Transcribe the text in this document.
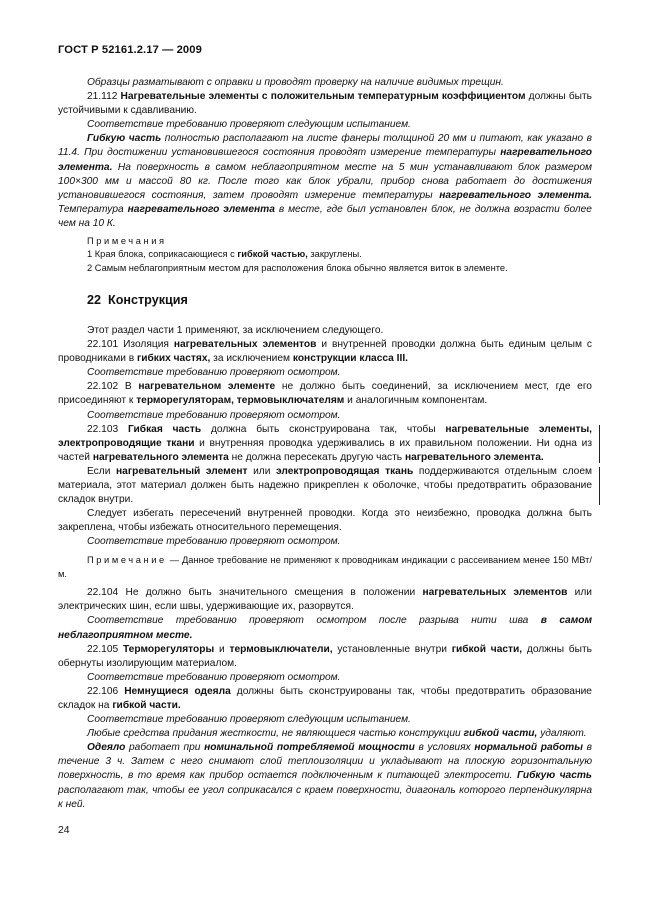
ГОСТ Р 52161.2.17 — 2009

Образцы разматывают с оправки и проводят проверку на наличие видимых трещин.

21.112 Нагревательные элементы с положительным температурным коэффициентом должны быть устойчивыми к сдавливанию.

Соответствие требованию проверяют следующим испытанием.

Гибкую часть полностью располагают на листе фанеры толщиной 20 мм и питают, как указано в 11.4. При достижении установившегося состояния проводят измерение температуры нагревательного элемента. На поверхность в самом неблагоприятном месте на 5 мин устанавливают блок размером 100×300 мм и массой 80 кг. После того как блок убрали, прибор снова работает до достижения установившегося состояния, затем проводят измерение температуры нагревательного элемента. Температура нагревательного элемента в месте, где был установлен блок, не должна возрасти более чем на 10 К.

Примечания

1 Края блока, соприкасающиеся с гибкой частью, закруглены.

2 Самым неблагоприятным местом для расположения блока обычно является виток в элементе.

22 Конструкция

Этот раздел части 1 применяют, за исключением следующего.

22.101 Изоляция нагревательных элементов и внутренней проводки должна быть единым целым с проводниками в гибких частях, за исключением конструкции класса III.

Соответствие требованию проверяют осмотром.

22.102 В нагревательном элементе не должно быть соединений, за исключением мест, где его присоединяют к терморегуляторам, термовыключателям и аналогичным компонентам.

Соответствие требованию проверяют осмотром.

22.103 Гибкая часть должна быть сконструирована так, чтобы нагревательные элементы, электропроводящие ткани и внутренняя проводка удерживались в их правильном положении. Ни одна из частей нагревательного элемента не должна пересекать другую часть нагревательного элемента.

Если нагревательный элемент или электропроводящая ткань поддерживаются отдельным слоем материала, этот материал должен быть надежно прикреплен к оболочке, чтобы предотвратить образование складок внутри.

Следует избегать пересечений внутренней проводки. Когда это неизбежно, проводка должна быть закреплена, чтобы избежать относительного перемещения.

Соответствие требованию проверяют осмотром.

Примечание — Данное требование не применяют к проводникам индикации с рассеиванием менее 150 МВт/м.

22.104 Не должно быть значительного смещения в положении нагревательных элементов или электрических шин, если швы, удерживающие их, разорвутся.

Соответствие требованию проверяют осмотром после разрыва нити шва в самом неблагоприятном месте.

22.105 Терморегуляторы и термовыключатели, установленные внутри гибкой части, должны быть обернуты изолирующим материалом.

Соответствие требованию проверяют осмотром.

22.106 Немнущиеся одеяла должны быть сконструированы так, чтобы предотвратить образование складок на гибкой части.

Соответствие требованию проверяют следующим испытанием.

Любые средства придания жесткости, не являющиеся частью конструкции гибкой части, удаляют.

Одеяло работает при номинальной потребляемой мощности в условиях нормальной работы в течение 3 ч. Затем с него снимают слой теплоизоляции и укладывают на плоскую горизонтальную поверхность, в то время как прибор остается подключенным к питающей электросети. Гибкую часть располагают так, чтобы ее угол соприкасался с краем поверхности, диагональ которого перпендикулярна к ней.

24
